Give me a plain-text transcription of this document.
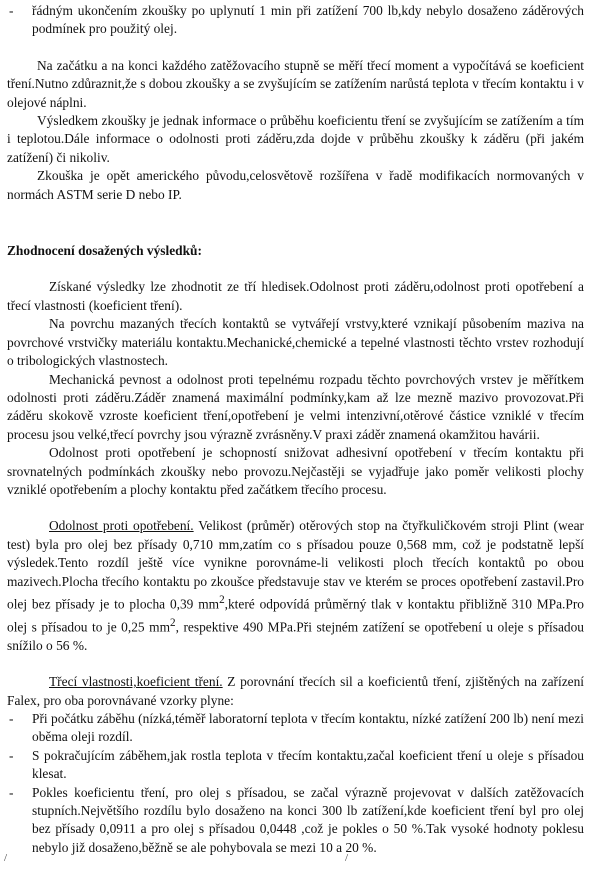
- řádným ukončením zkoušky po uplynutí 1 min při zatížení 700 lb,kdy nebylo dosaženo záděrových podmínek pro použitý olej.

Na začátku a na konci každého zatěžovacího stupně se měří třecí moment a vypočítává se koeficient tření.Nutno zdůraznit,že s dobou zkoušky a se zvyšujícím se zatížením narůstá teplota v třecím kontaktu i v olejové náplni.

Výsledkem zkoušky je jednak informace o průběhu koeficientu tření se zvyšujícím se zatížením a tím i teplotou.Dále informace o odolnosti proti záděru,zda dojde v průběhu zkoušky k záděru (při jakém zatížení) či nikoliv.

Zkouška je opět amerického původu,celosvětově rozšířena v řadě modifikacích normovaných v normách ASTM serie D nebo IP.

Zhodnocení dosažených výsledků:

Získané výsledky lze zhodnotit ze tří hledisek.Odolnost proti záděru,odolnost proti opotřebení a třecí vlastnosti (koeficient tření).

Na povrchu mazaných třecích kontaktů se vytvářejí vrstvy,které vznikají působením maziva na povrchové vrstvičky materiálu kontaktu.Mechanické,chemické a tepelné vlastnosti těchto vrstev rozhodují o tribologických vlastnostech.

Mechanická pevnost a odolnost proti tepelnému rozpadu těchto povrchových vrstev je měřítkem odolnosti proti záděru.Záděr znamená maximální podmínky,kam až lze mezně mazivo provozovat.Při záděru skokově vzroste koeficient tření,opotřebení je velmi intenzivní,otěrové částice vzniklé v třecím procesu jsou velké,třecí povrchy jsou výrazně zvrásněny.V praxi záděr znamená okamžitou havárii.

Odolnost proti opotřebení je schopností snižovat adhesivní opotřebení v třecím kontaktu při srovnatelných podmínkách zkoušky nebo provozu.Nejčastěji se vyjadřuje jako poměr velikosti plochy vzniklé opotřebením a plochy kontaktu před začátkem třecího procesu.

Odolnost proti opotřebení. Velikost (průměr) otěrových stop na čtyřkuličkovém stroji Plint (wear test) byla pro olej bez přísady 0,710 mm,zatím co s přísadou pouze 0,568 mm, což je podstatně lepší výsledek.Tento rozdíl ještě více vynikne porovnáme-li velikosti ploch třecích kontaktů po obou mazivech.Plocha třecího kontaktu po zkoušce představuje stav ve kterém se proces opotřebení zastavil.Pro olej bez přísady je to plocha 0,39 $mm^2,které$ odpovídá průměrný tlak v kontaktu přibližně 310 MPa.Pro olej s přísadou to je 0,25 $mm^2$, respektive 490 MPa.Při stejném zatížení se opotřebení u oleje s přísadou snížilo o 56 %.

Třecí vlastnosti,koeficient tření. Z porovnání třecích sil a koeficientů tření, zjištěných na zařízení Falex, pro oba porovnávané vzorky plyne:

- Při počátku záběhu (nízká,téměř laboratorní teplota v třecím kontaktu, nízké zatížení 200 lb) není mezi oběma oleji rozdíl.

- S pokračujícím záběhem,jak rostla teplota v třecím kontaktu,začal koeficient tření u oleje s přísadou klesat.

- Pokles koeficientu tření, pro olej s přísadou, se začal výrazně projevovat v dalších zatěžovacích stupních.Největšího rozdílu bylo dosaženo na konci 300 lb zatížení,kde koeficient tření byl pro olej bez přísady 0,0911 a pro olej s přísadou 0,0448 ,což je pokles o 50 %.Tak vysoké hodnoty poklesu nebylo již dosaženo,běžně se ale pohybovala se mezi 10 a 20 %.

/	/
